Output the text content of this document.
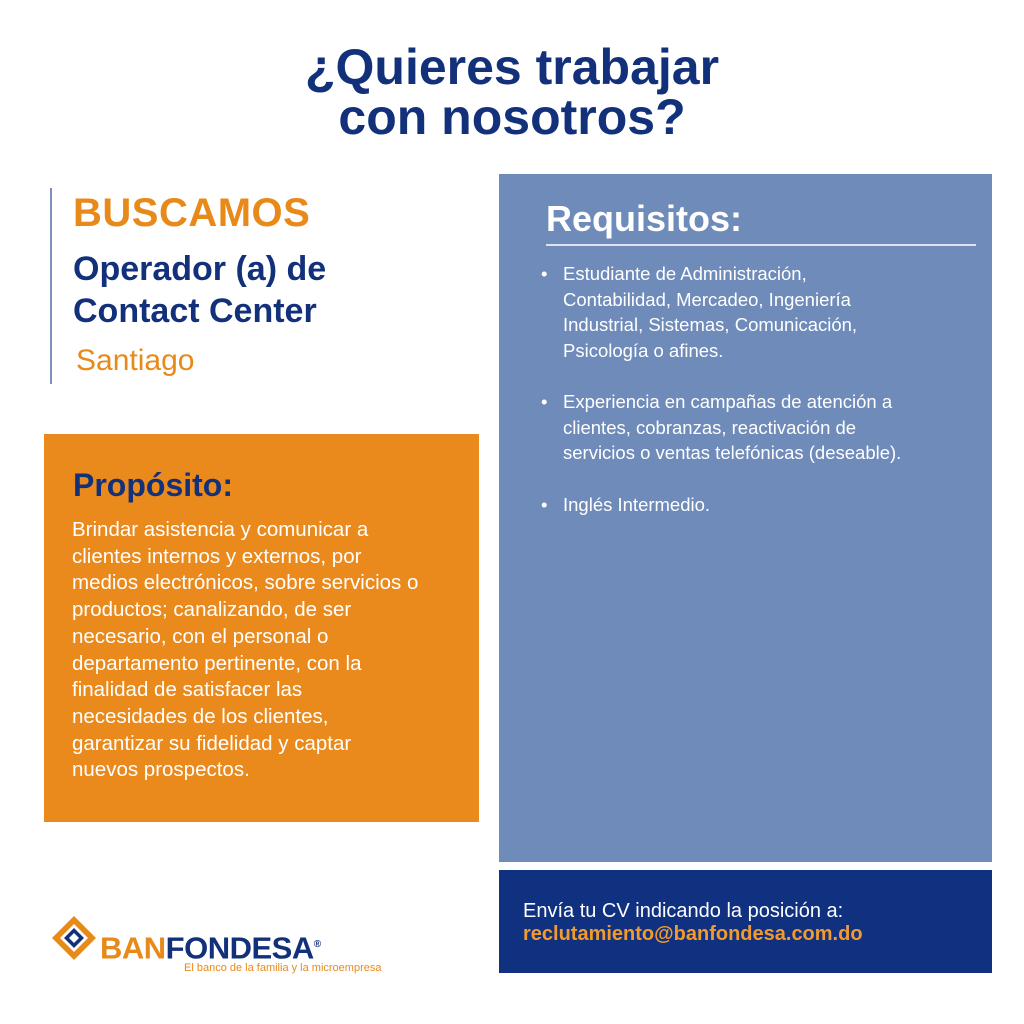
¿Quieres trabajar
con nosotros?
BUSCAMOS
Operador (a) de
Contact Center
Santiago
Propósito:
Brindar asistencia y comunicar a
clientes internos y externos, por
medios electrónicos, sobre servicios o
productos; canalizando, de ser
necesario, con el personal o
departamento pertinente, con la
finalidad de satisfacer las
necesidades de los clientes,
garantizar su fidelidad y captar
nuevos prospectos.
Requisitos:
• Estudiante de Administración,
Contabilidad, Mercadeo, Ingeniería
Industrial, Sistemas, Comunicación,
Psicología o afines.
• Experiencia en campañas de atención a
clientes, cobranzas, reactivación de
servicios o ventas telefónicas (deseable).
• Inglés Intermedio.
Envía tu CV indicando la posición a:
reclutamiento@banfondesa.com.do
BANFONDESA®
El banco de la familia y la microempresa
